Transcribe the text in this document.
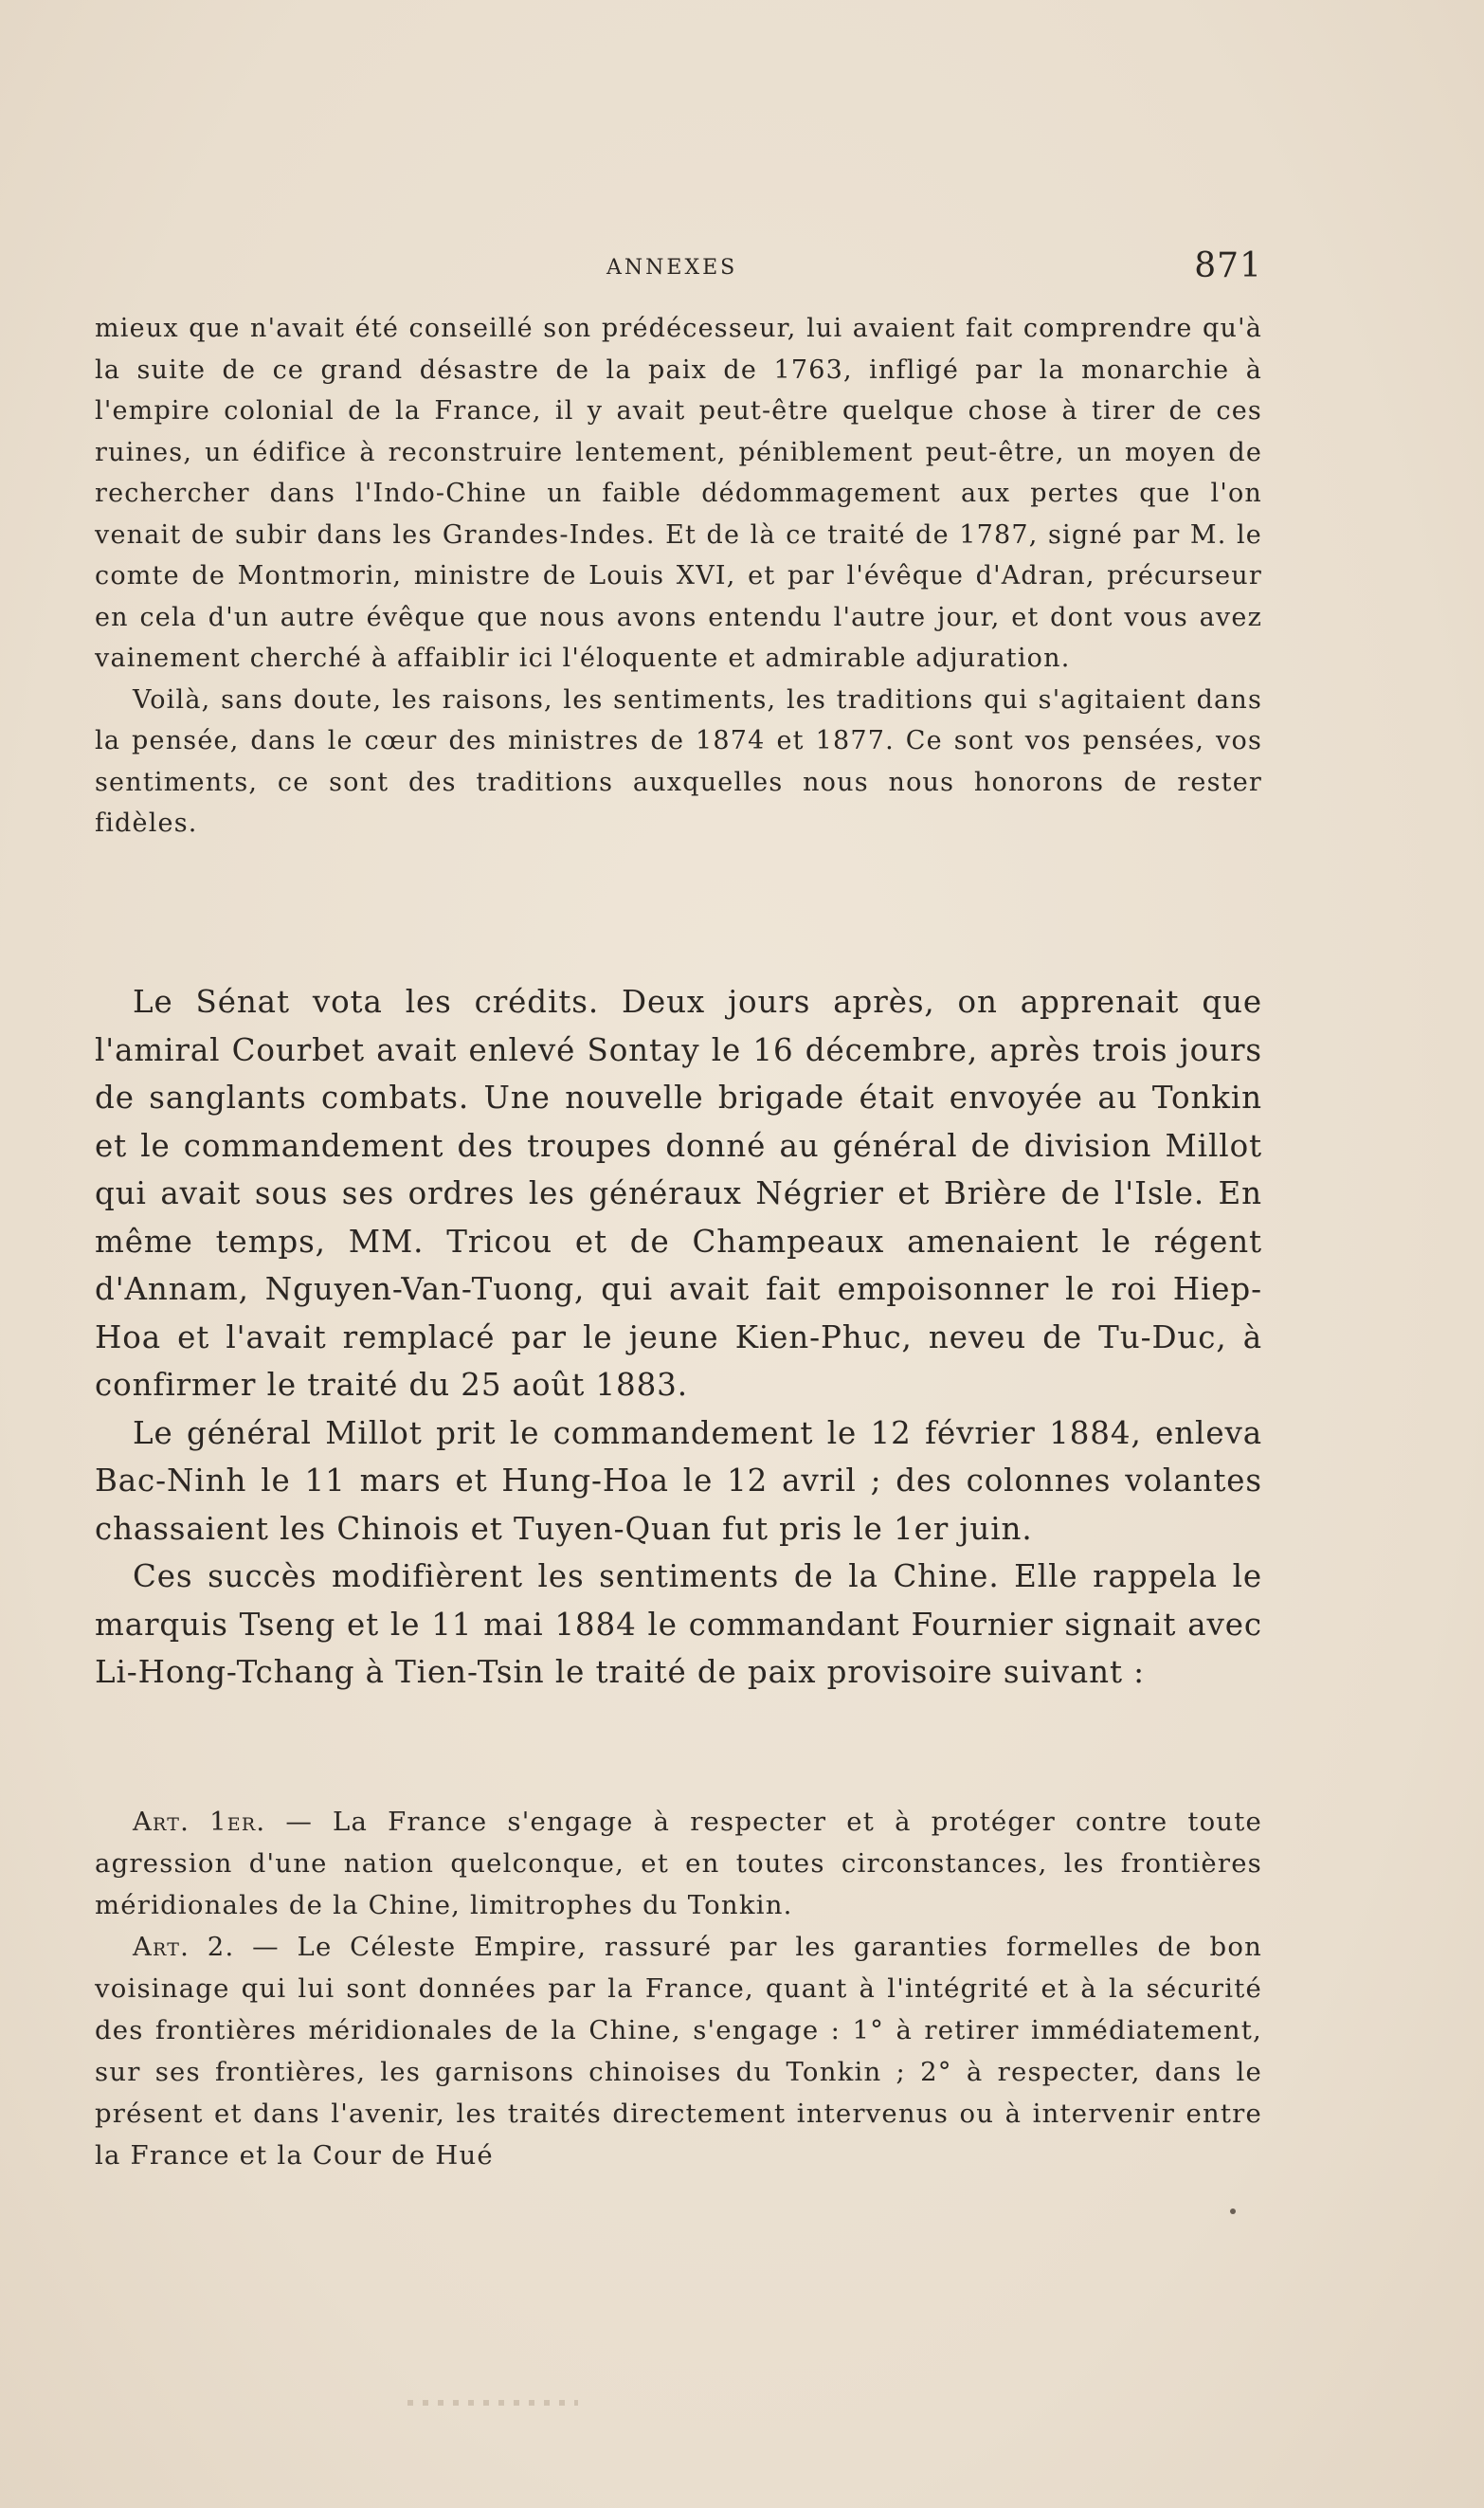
ANNEXES	871

mieux que n'avait été conseillé son prédécesseur, lui avaient fait comprendre qu'à la suite de ce grand désastre de la paix de 1763, infligé par la monarchie à l'empire colonial de la France, il y avait peut-être quelque chose à tirer de ces ruines, un édifice à reconstruire lentement, péniblement peut-être, un moyen de rechercher dans l'Indo-Chine un faible dédommagement aux pertes que l'on venait de subir dans les Grandes-Indes. Et de là ce traité de 1787, signé par M. le comte de Montmorin, ministre de Louis XVI, et par l'évêque d'Adran, précurseur en cela d'un autre évêque que nous avons entendu l'autre jour, et dont vous avez vainement cherché à affaiblir ici l'éloquente et admirable adjuration.

Voilà, sans doute, les raisons, les sentiments, les traditions qui s'agitaient dans la pensée, dans le cœur des ministres de 1874 et 1877. Ce sont vos pensées, vos sentiments, ce sont des traditions auxquelles nous nous honorons de rester fidèles.

Le Sénat vota les crédits. Deux jours après, on apprenait que l'amiral Courbet avait enlevé Sontay le 16 décembre, après trois jours de sanglants combats. Une nouvelle brigade était envoyée au Tonkin et le commandement des troupes donné au général de division Millot qui avait sous ses ordres les généraux Négrier et Brière de l'Isle. En même temps, MM. Tricou et de Champeaux amenaient le régent d'Annam, Nguyen-Van-Tuong, qui avait fait empoisonner le roi Hiep-Hoa et l'avait remplacé par le jeune Kien-Phuc, neveu de Tu-Duc, à confirmer le traité du 25 août 1883.

Le général Millot prit le commandement le 12 février 1884, enleva Bac-Ninh le 11 mars et Hung-Hoa le 12 avril ; des colonnes volantes chassaient les Chinois et Tuyen-Quan fut pris le 1er juin.

Ces succès modifièrent les sentiments de la Chine. Elle rappela le marquis Tseng et le 11 mai 1884 le commandant Fournier signait avec Li-Hong-Tchang à Tien-Tsin le traité de paix provisoire suivant :

Art. 1er. — La France s'engage à respecter et à protéger contre toute agression d'une nation quelconque, et en toutes circonstances, les frontières méridionales de la Chine, limitrophes du Tonkin.

Art. 2. — Le Céleste Empire, rassuré par les garanties formelles de bon voisinage qui lui sont données par la France, quant à l'intégrité et à la sécurité des frontières méridionales de la Chine, s'engage : 1° à retirer immédiatement, sur ses frontières, les garnisons chinoises du Tonkin ; 2° à respecter, dans le présent et dans l'avenir, les traités directement intervenus ou à intervenir entre la France et la Cour de Hué
